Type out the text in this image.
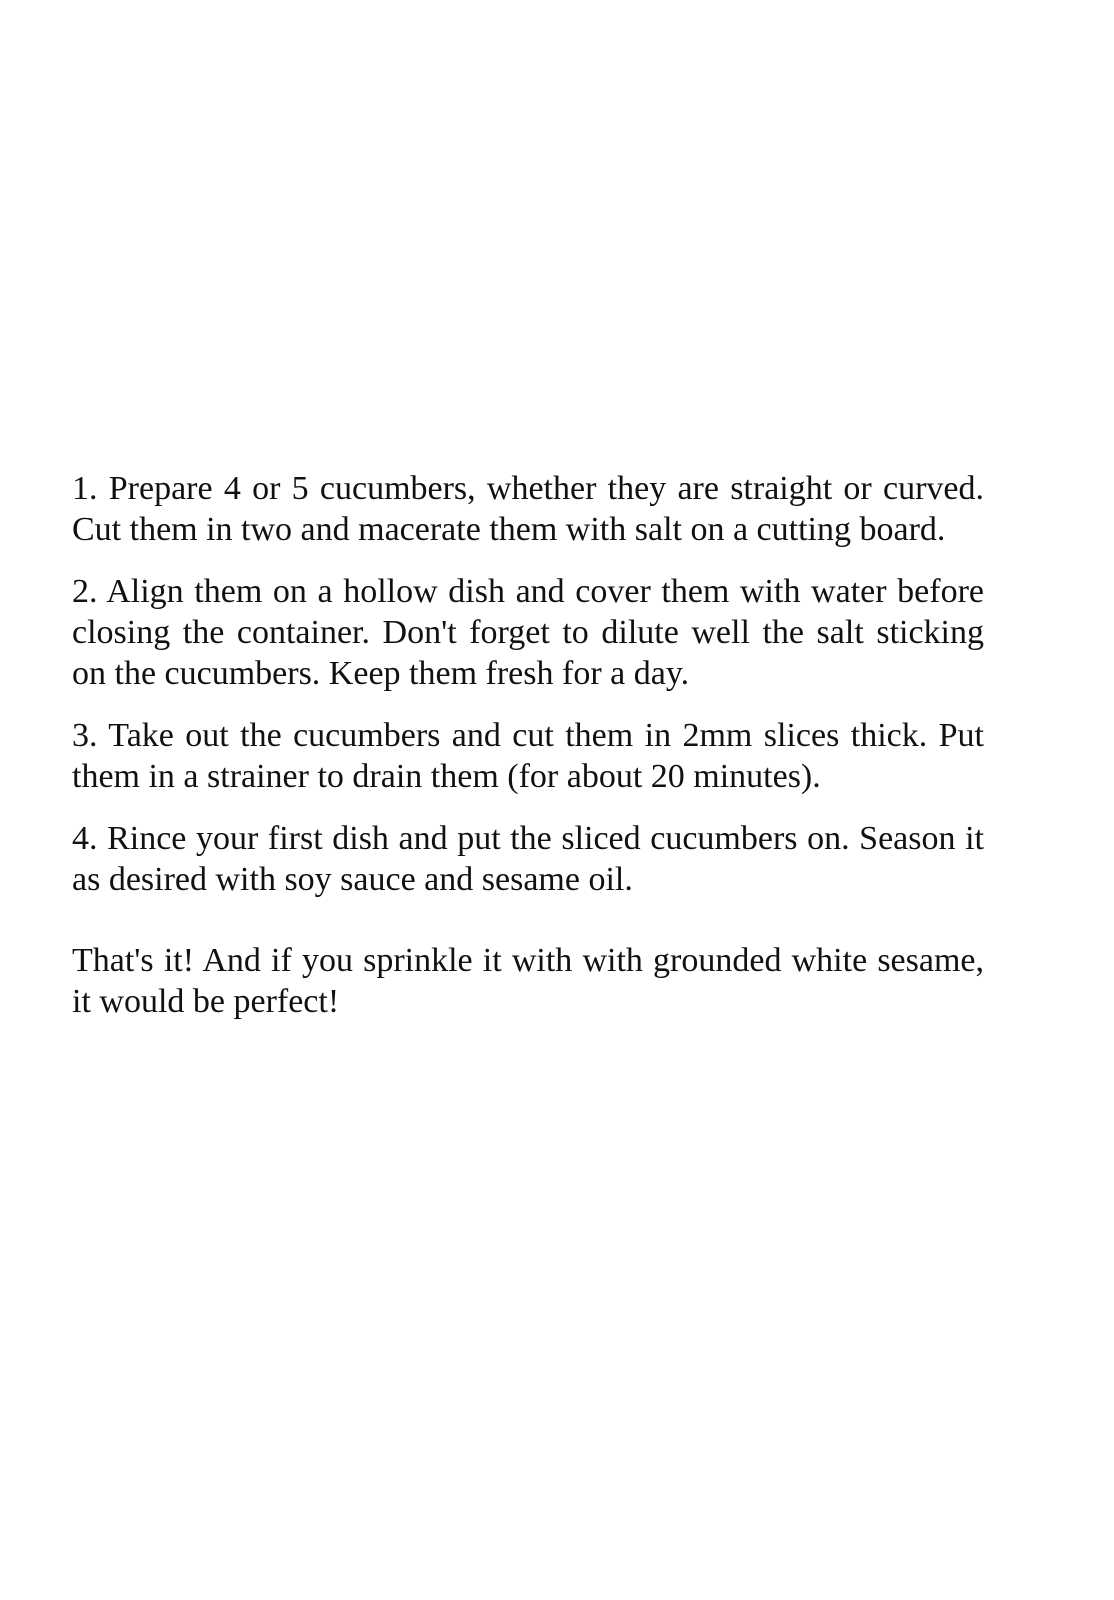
1. Prepare 4 or 5 cucumbers, whether they are straight or curved. Cut them in two and macerate them with salt on a cutting board.

2. Align them on a hollow dish and cover them with water before closing the container. Don't forget to dilute well the salt sticking on the cucumbers. Keep them fresh for a day.

3. Take out the cucumbers and cut them in 2mm slices thick. Put them in a strainer to drain them (for about 20 minutes).

4. Rince your first dish and put the sliced cucumbers on. Season it as desired with soy sauce and sesame oil.

That's it! And if you sprinkle it with with grounded white sesame, it would be perfect!
